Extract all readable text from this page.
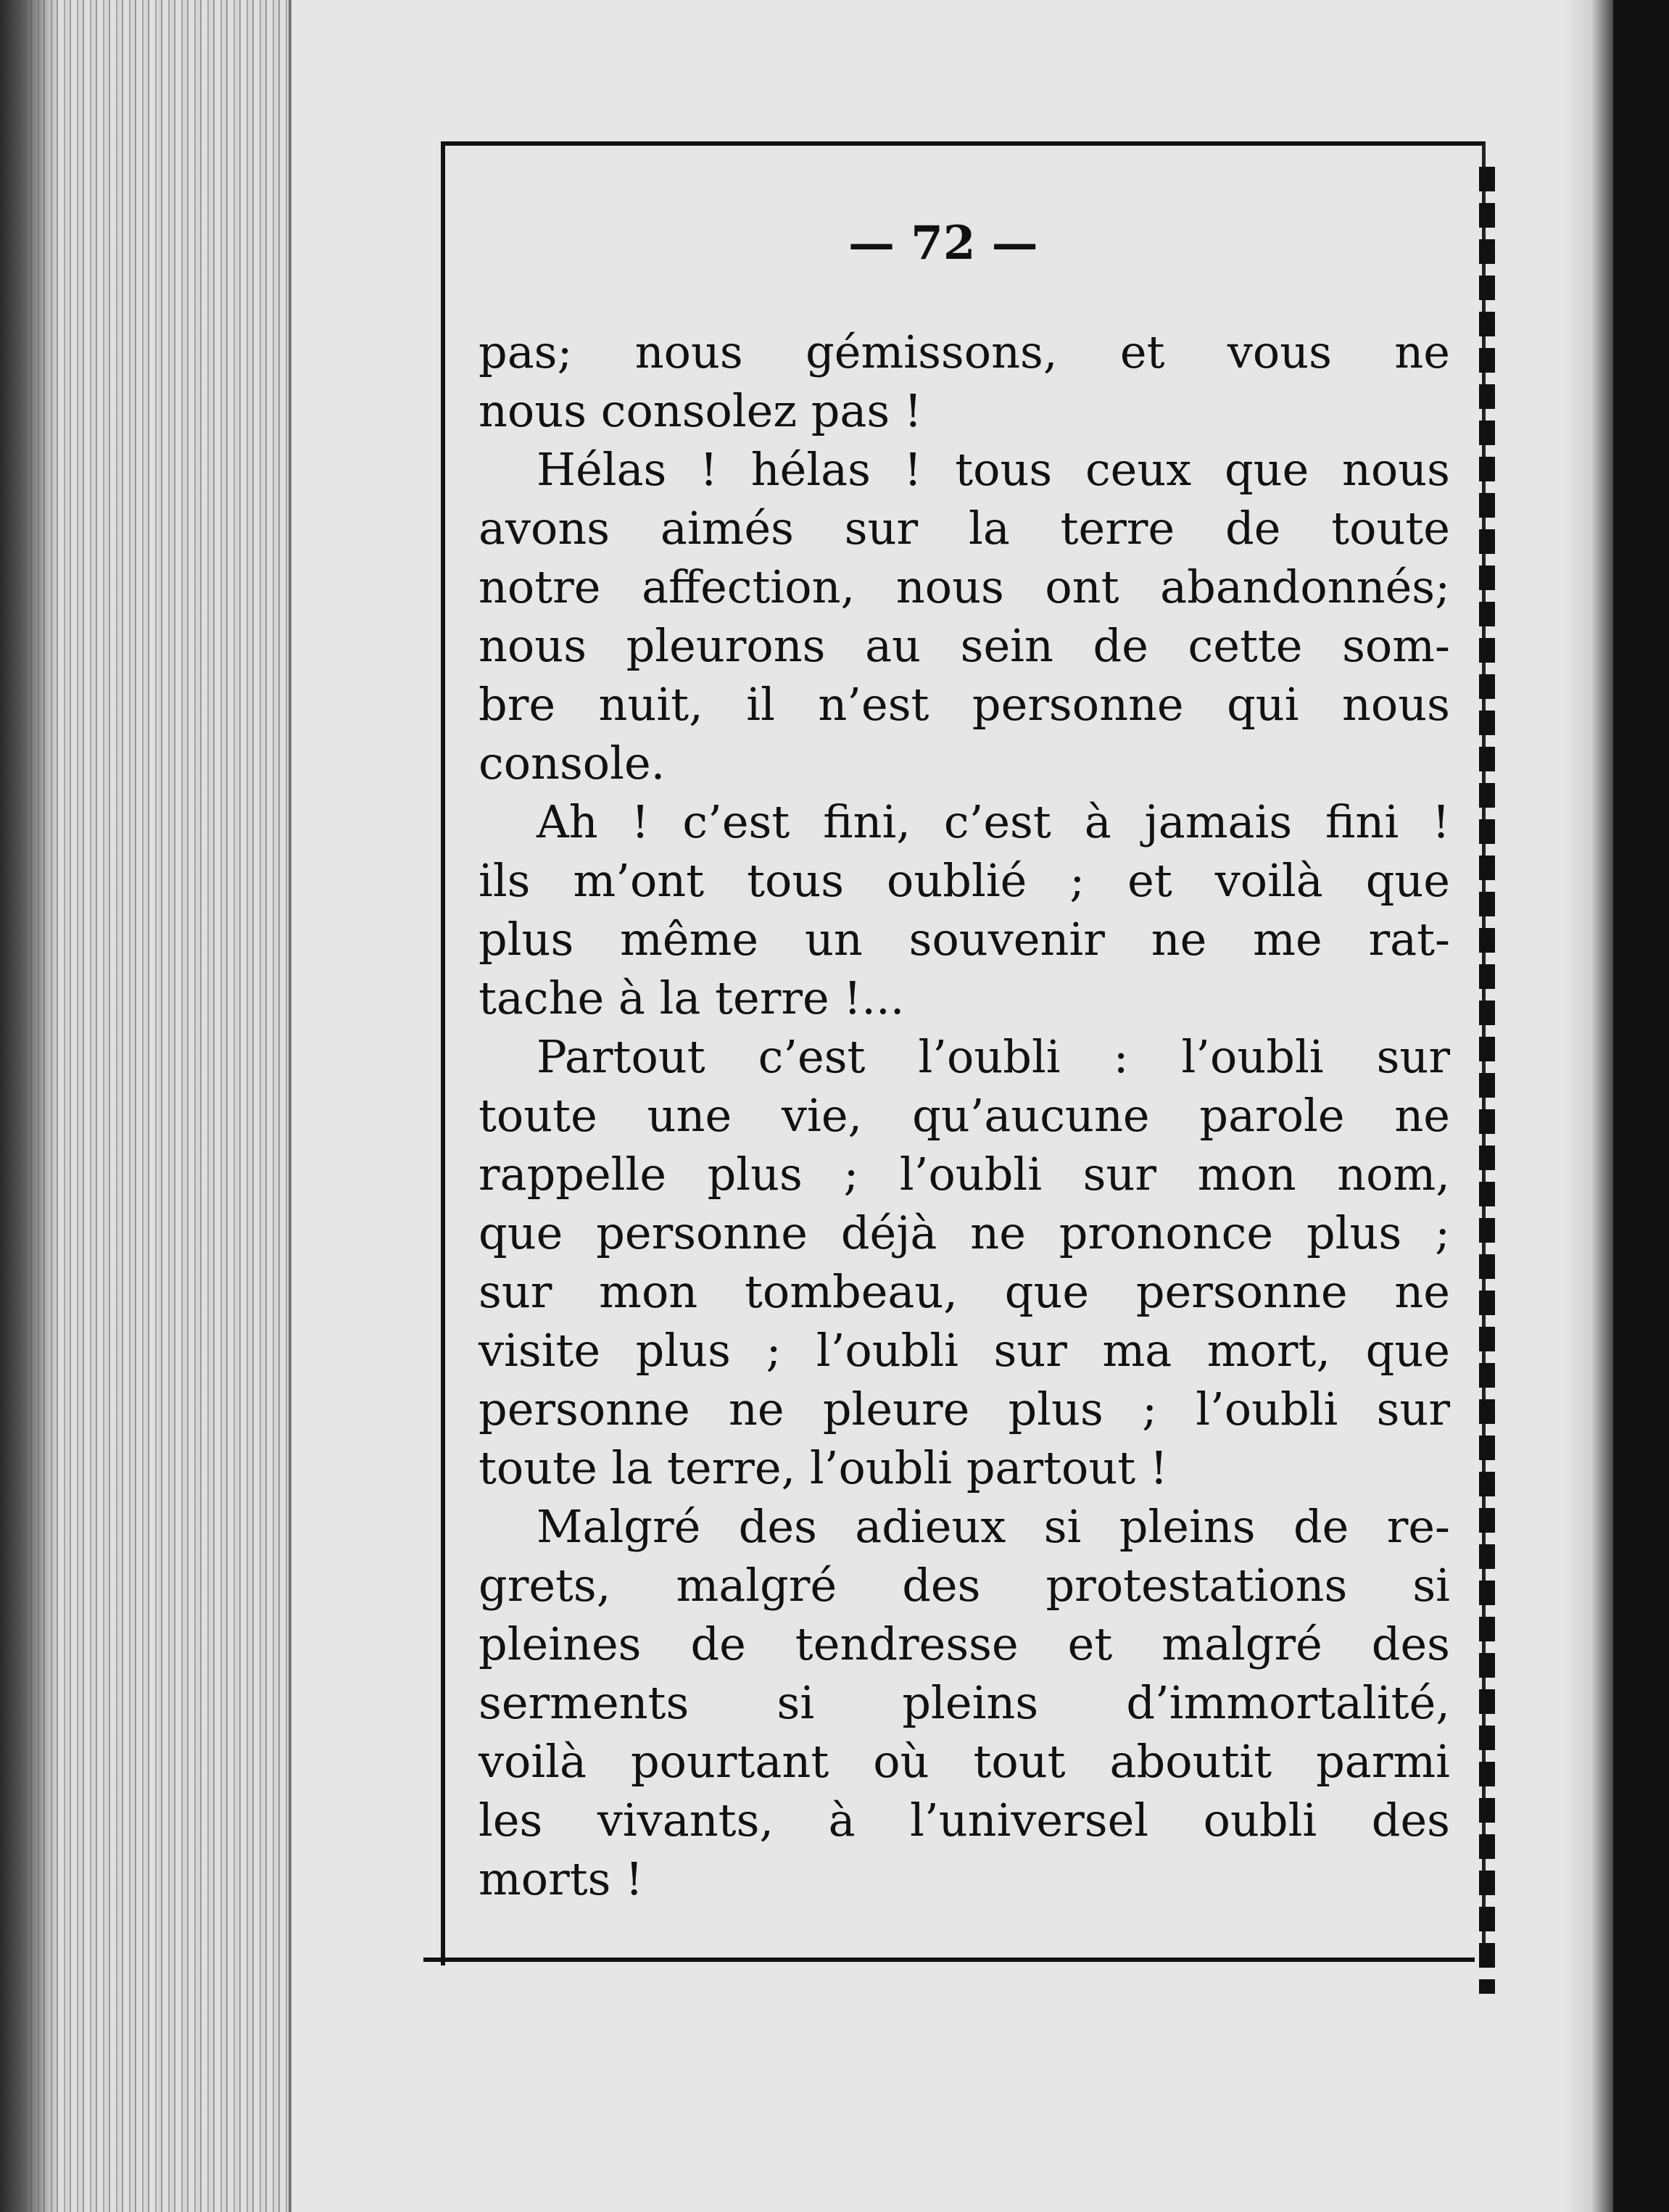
— 72 —
pas; nous gémissons, et vous ne
nous consolez pas !
Hélas ! hélas ! tous ceux que nous
avons aimés sur la terre de toute
notre affection, nous ont abandonnés;
nous pleurons au sein de cette som-
bre nuit, il n’est personne qui nous
console.
Ah ! c’est fini, c’est à jamais fini !
ils m’ont tous oublié ; et voilà que
plus même un souvenir ne me rat-
tache à la terre !...
Partout c’est l’oubli : l’oubli sur
toute une vie, qu’aucune parole ne
rappelle plus ; l’oubli sur mon nom,
que personne déjà ne prononce plus ;
sur mon tombeau, que personne ne
visite plus ; l’oubli sur ma mort, que
personne ne pleure plus ; l’oubli sur
toute la terre, l’oubli partout !
Malgré des adieux si pleins de re-
grets, malgré des protestations si
pleines de tendresse et malgré des
serments si pleins d’immortalité,
voilà pourtant où tout aboutit parmi
les vivants, à l’universel oubli des
morts !
